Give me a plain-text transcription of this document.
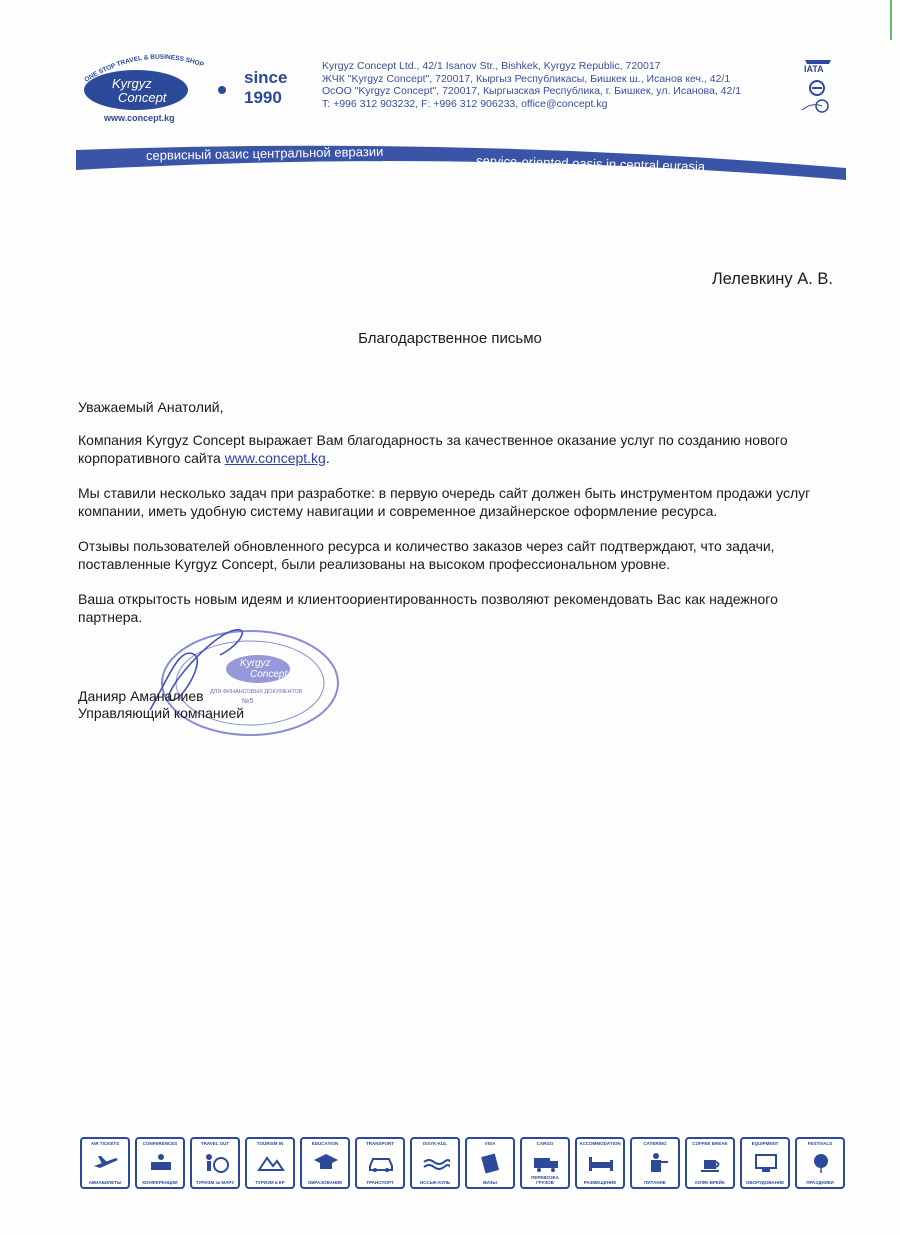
ONE STOP TRAVEL & BUSINESS SHOP
Kyrgyz
Concept
www.concept.kg
since
1990
Kyrgyz Concept Ltd., 42/1 Isanov Str., Bishkek, Kyrgyz Republic, 720017
ЖЧК "Kyrgyz Concept", 720017, Кыргыз Республикасы, Бишкек ш., Исанов кеч., 42/1
ОсОО "Kyrgyz Concept", 720017, Кыргызская Республика, г. Бишкек, ул. Исанова, 42/1
T: +996 312 903232, F: +996 312 906233, office@concept.kg
IATA
сервисный оазис центральной евразии	service-oriented oasis in central eurasia
Лелевкину А. В.
Благодарственное письмо

Уважаемый Анатолий,

Компания Kyrgyz Concept выражает Вам благодарность за качественное оказание услуг по созданию нового корпоративного сайта www.concept.kg.

Мы ставили несколько задач при разработке: в первую очередь сайт должен быть инструментом продажи услуг компании, иметь удобную систему навигации и современное дизайнерское оформление ресурса.

Отзывы пользователей обновленного ресурса и количество заказов через сайт подтверждают, что задачи, поставленные Kyrgyz Concept, были реализованы на высоком профессиональном уровне.

Ваша открытость новым идеям и клиентоориентированность позволяют рекомендовать Вас как надежного партнера.

Kyrgyz
Concept
ДЛЯ ФИНАНСОВЫХ ДОКУМЕНТОВ
№5
Данияр Аманалиев
Управляющий компанией
AIR TICKETS
АВИАБИЛЕТЫ
CONFERENCES
КОНФЕРЕНЦИИ
TRAVEL OUT
ТУРИЗМ за МАРУ
TOURISM IN
ТУРИЗМ в КР
EDUCATION
ОБРАЗОВАНИЕ
TRANSPORT
ТРАНСПОРТ
ISSYK-KUL
ИССЫК-КУЛЬ
VISA
ВИЗЫ
CARGO
ПЕРЕВОЗКА ГРУЗОВ
ACCOMMODATION
РАЗМЕЩЕНИЕ
CATERING
ПИТАНИЕ
COFFEE BREAK
КОФЕ-БРЕЙК
EQUIPMENT
ОБОРУДОВАНИЕ
FESTIVALS
ПРАЗДНИКИ
